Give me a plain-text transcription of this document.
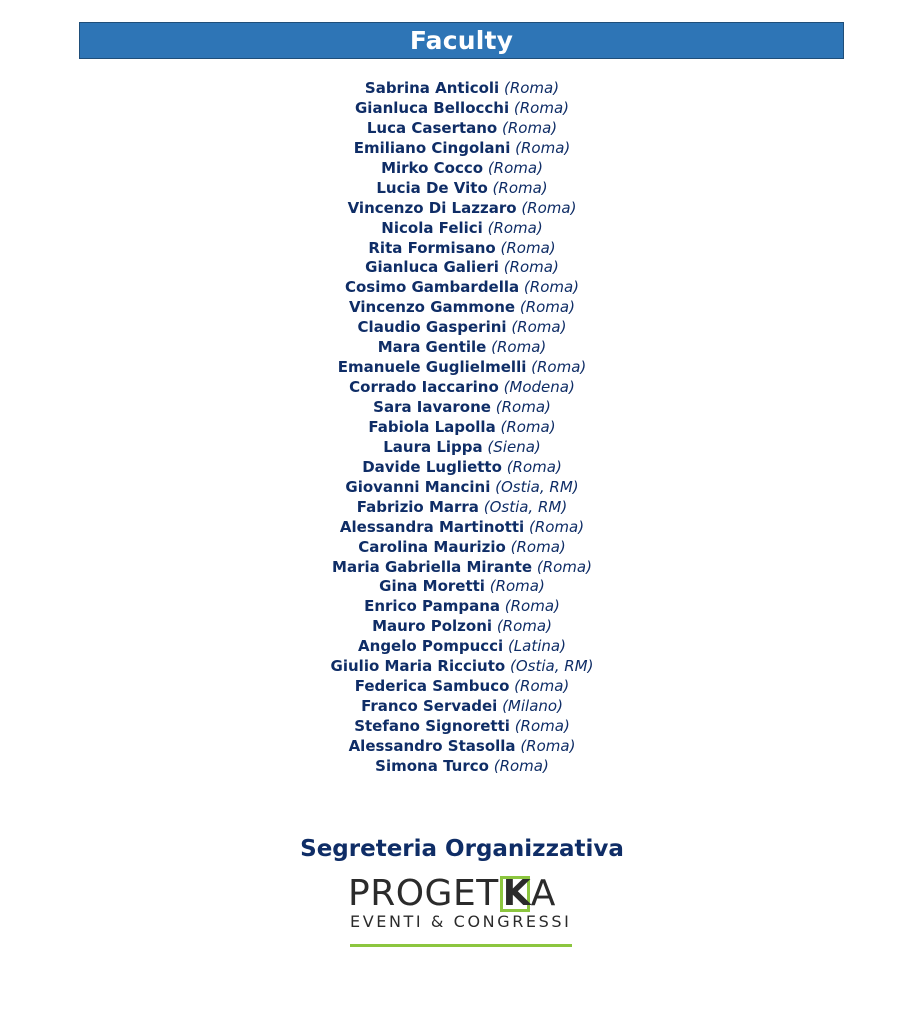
Faculty
Sabrina Anticoli (Roma)
Gianluca Bellocchi (Roma)
Luca Casertano (Roma)
Emiliano Cingolani (Roma)
Mirko Cocco (Roma)
Lucia De Vito (Roma)
Vincenzo Di Lazzaro (Roma)
Nicola Felici (Roma)
Rita Formisano (Roma)
Gianluca Galieri (Roma)
Cosimo Gambardella (Roma)
Vincenzo Gammone (Roma)
Claudio Gasperini (Roma)
Mara Gentile (Roma)
Emanuele Guglielmelli (Roma)
Corrado Iaccarino (Modena)
Sara Iavarone (Roma)
Fabiola Lapolla (Roma)
Laura Lippa (Siena)
Davide Luglietto (Roma)
Giovanni Mancini (Ostia, RM)
Fabrizio Marra (Ostia, RM)
Alessandra Martinotti (Roma)
Carolina Maurizio (Roma)
Maria Gabriella Mirante (Roma)
Gina Moretti (Roma)
Enrico Pampana (Roma)
Mauro Polzoni (Roma)
Angelo Pompucci (Latina)
Giulio Maria Ricciuto (Ostia, RM)
Federica Sambuco (Roma)
Franco Servadei (Milano)
Stefano Signoretti (Roma)
Alessandro Stasolla (Roma)
Simona Turco (Roma)
Segreteria Organizzativa
PROGET K A
EVENTI & CONGRESSI
